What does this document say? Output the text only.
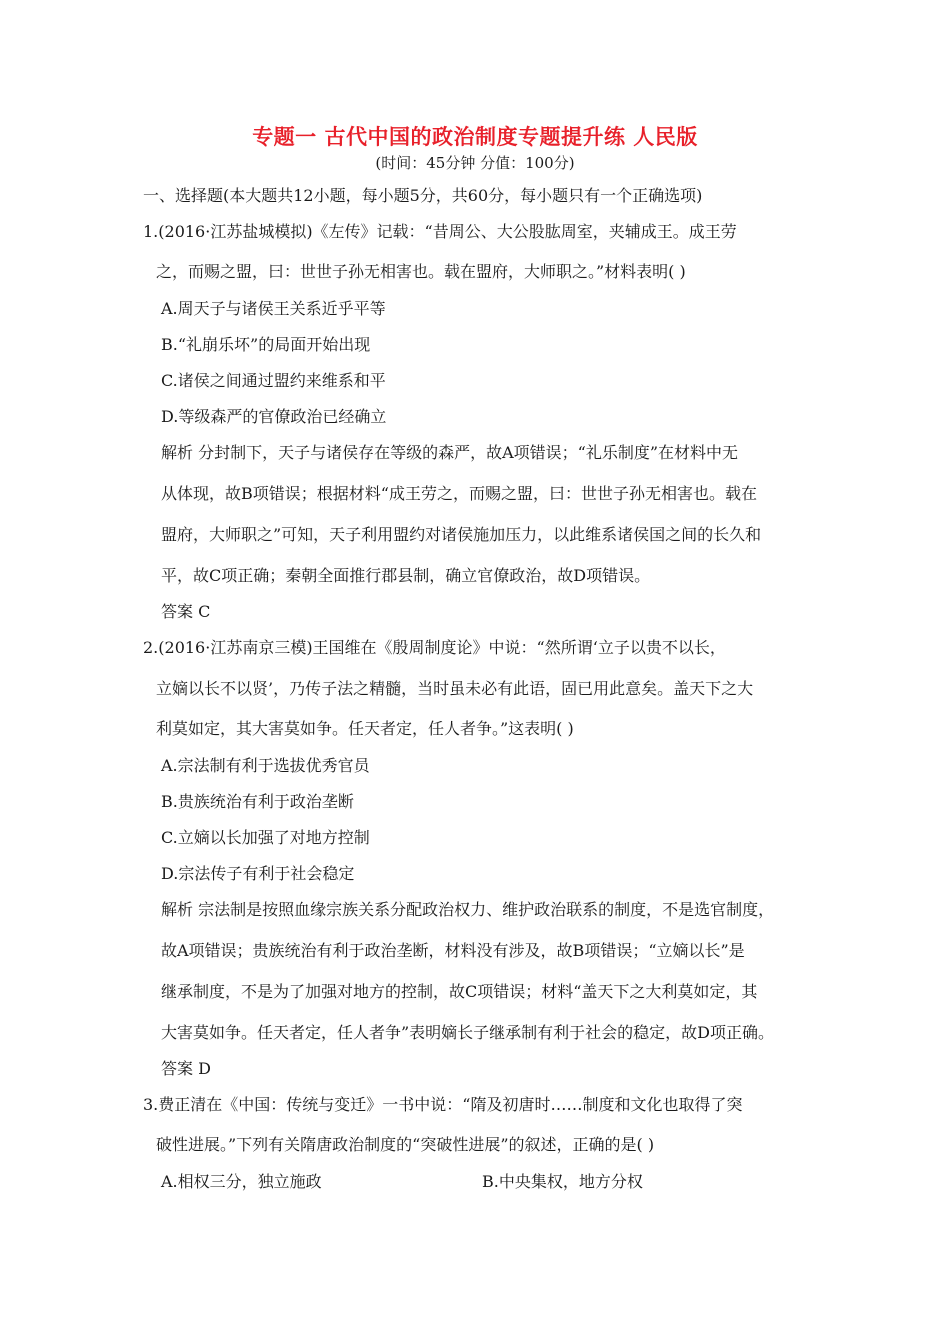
专题一 古代中国的政治制度专题提升练 人民版
(时间：45分钟 分值：100分)
一、选择题(本大题共12小题，每小题5分，共60分，每小题只有一个正确选项)
1.(2016·江苏盐城模拟)《左传》记载：“昔周公、大公股肱周室，夹辅成王。成王劳
之，而赐之盟，曰：世世子孙无相害也。载在盟府，大师职之。”材料表明( )
A.周天子与诸侯王关系近乎平等
B.“礼崩乐坏”的局面开始出现
C.诸侯之间通过盟约来维系和平
D.等级森严的官僚政治已经确立
解析 分封制下，天子与诸侯存在等级的森严，故A项错误；“礼乐制度”在材料中无
从体现，故B项错误；根据材料“成王劳之，而赐之盟，曰：世世子孙无相害也。载在
盟府，大师职之”可知，天子利用盟约对诸侯施加压力，以此维系诸侯国之间的长久和
平，故C项正确；秦朝全面推行郡县制，确立官僚政治，故D项错误。
答案 C
2.(2016·江苏南京三模)王国维在《殷周制度论》中说：“然所谓‘立子以贵不以长，
立嫡以长不以贤’，乃传子法之精髓，当时虽未必有此语，固已用此意矣。盖天下之大
利莫如定，其大害莫如争。任天者定，任人者争。”这表明( )
A.宗法制有利于选拔优秀官员
B.贵族统治有利于政治垄断
C.立嫡以长加强了对地方控制
D.宗法传子有利于社会稳定
解析 宗法制是按照血缘宗族关系分配政治权力、维护政治联系的制度，不是选官制度，
故A项错误；贵族统治有利于政治垄断，材料没有涉及，故B项错误；“立嫡以长”是
继承制度，不是为了加强对地方的控制，故C项错误；材料“盖天下之大利莫如定，其
大害莫如争。任天者定，任人者争”表明嫡长子继承制有利于社会的稳定，故D项正确。
答案 D
3.费正清在《中国：传统与变迁》一书中说：“隋及初唐时……制度和文化也取得了突
破性进展。”下列有关隋唐政治制度的“突破性进展”的叙述，正确的是( )
A.相权三分，独立施政	B.中央集权，地方分权
